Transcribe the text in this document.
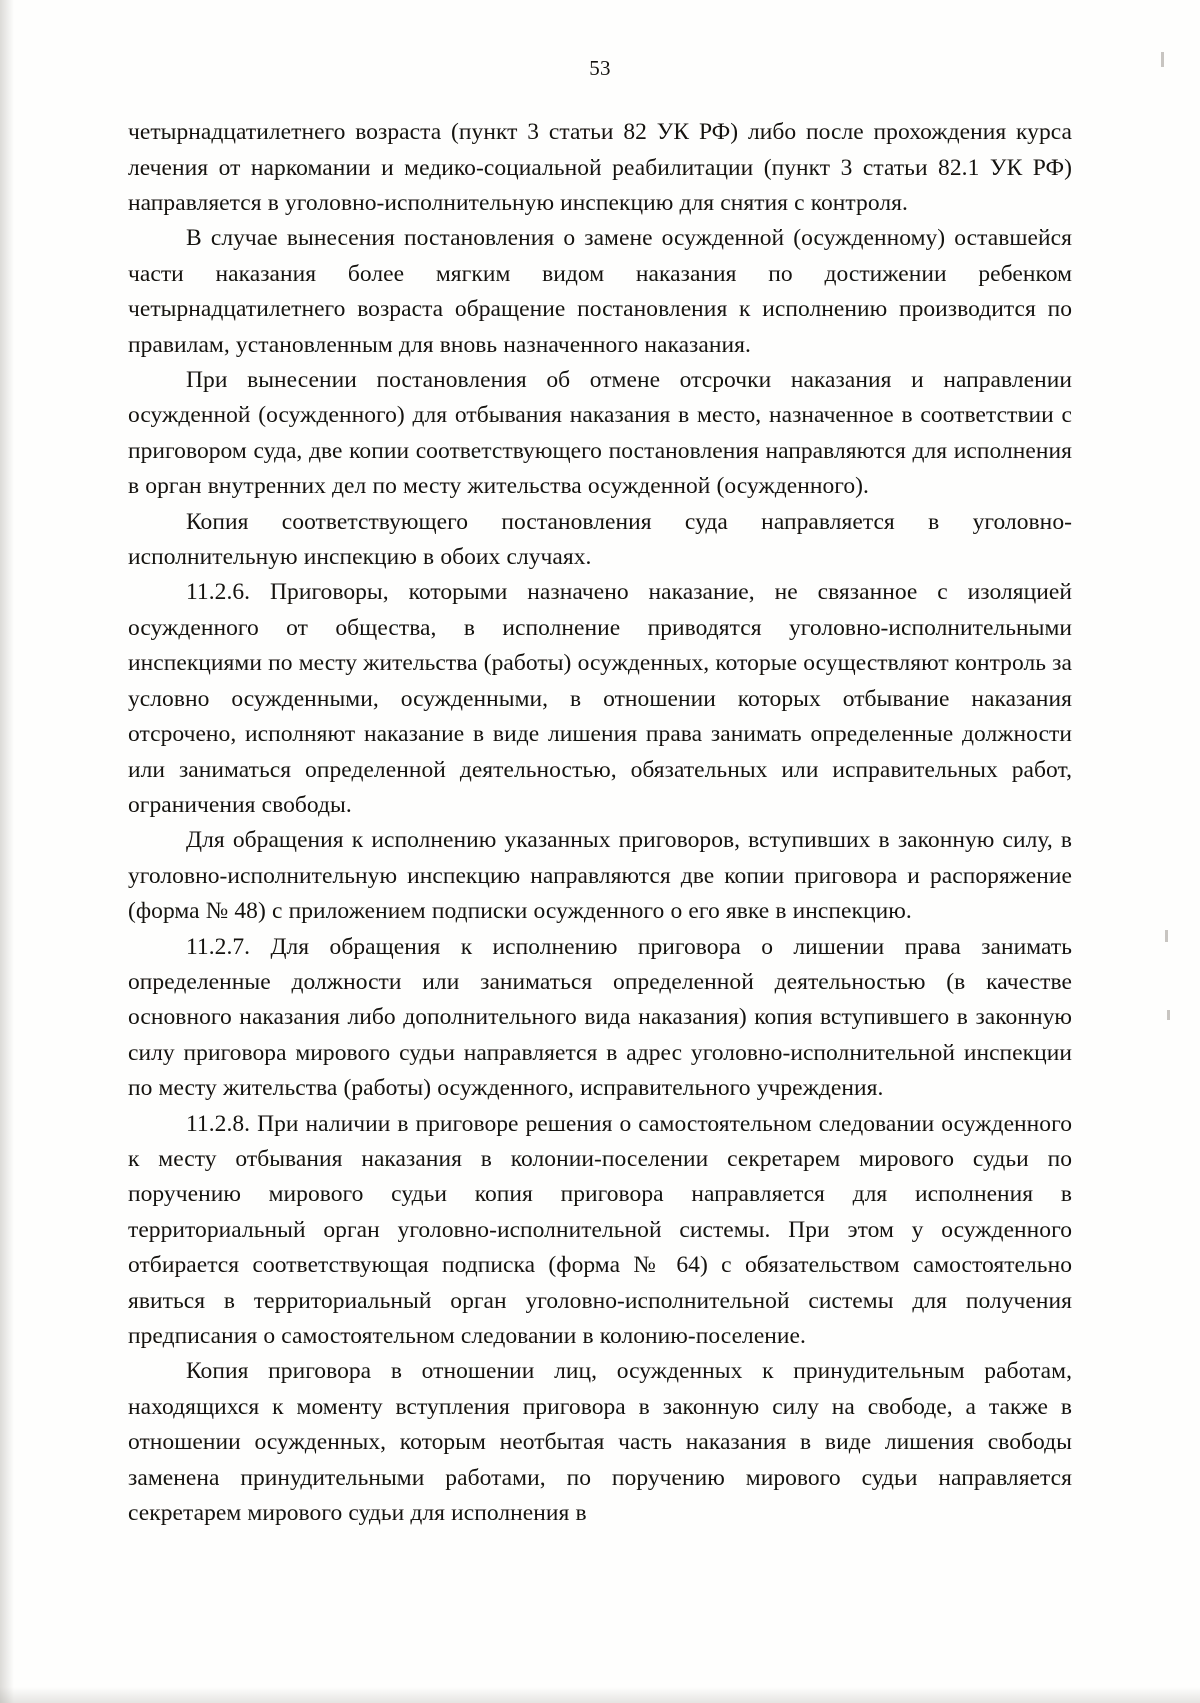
53

четырнадцатилетнего возраста (пункт 3 статьи 82 УК РФ) либо после прохождения курса лечения от наркомании и медико-социальной реабилитации (пункт 3 статьи 82.1 УК РФ) направляется в уголовно-исполнительную инспекцию для снятия с контроля.

В случае вынесения постановления о замене осужденной (осужденному) оставшейся части наказания более мягким видом наказания по достижении ребенком четырнадцатилетнего возраста обращение постановления к исполнению производится по правилам, установленным для вновь назначенного наказания.

При вынесении постановления об отмене отсрочки наказания и направлении осужденной (осужденного) для отбывания наказания в место, назначенное в соответствии с приговором суда, две копии соответствующего постановления направляются для исполнения в орган внутренних дел по месту жительства осужденной (осужденного).

Копия соответствующего постановления суда направляется в уголовно-исполнительную инспекцию в обоих случаях.

11.2.6. Приговоры, которыми назначено наказание, не связанное с изоляцией осужденного от общества, в исполнение приводятся уголовно-исполнительными инспекциями по месту жительства (работы) осужденных, которые осуществляют контроль за условно осужденными, осужденными, в отношении которых отбывание наказания отсрочено, исполняют наказание в виде лишения права занимать определенные должности или заниматься определенной деятельностью, обязательных или исправительных работ, ограничения свободы.

Для обращения к исполнению указанных приговоров, вступивших в законную силу, в уголовно-исполнительную инспекцию направляются две копии приговора и распоряжение (форма № 48) с приложением подписки осужденного о его явке в инспекцию.

11.2.7. Для обращения к исполнению приговора о лишении права занимать определенные должности или заниматься определенной деятельностью (в качестве основного наказания либо дополнительного вида наказания) копия вступившего в законную силу приговора мирового судьи направляется в адрес уголовно-исполнительной инспекции по месту жительства (работы) осужденного, исправительного учреждения.

11.2.8. При наличии в приговоре решения о самостоятельном следовании осужденного к месту отбывания наказания в колонии-поселении секретарем мирового судьи по поручению мирового судьи копия приговора направляется для исполнения в территориальный орган уголовно-исполнительной системы. При этом у осужденного отбирается соответствующая подписка (форма № 64) с обязательством самостоятельно явиться в территориальный орган уголовно-исполнительной системы для получения предписания о самостоятельном следовании в колонию-поселение.

Копия приговора в отношении лиц, осужденных к принудительным работам, находящихся к моменту вступления приговора в законную силу на свободе, а также в отношении осужденных, которым неотбытая часть наказания в виде лишения свободы заменена принудительными работами, по поручению мирового судьи направляется секретарем мирового судьи для исполнения в
